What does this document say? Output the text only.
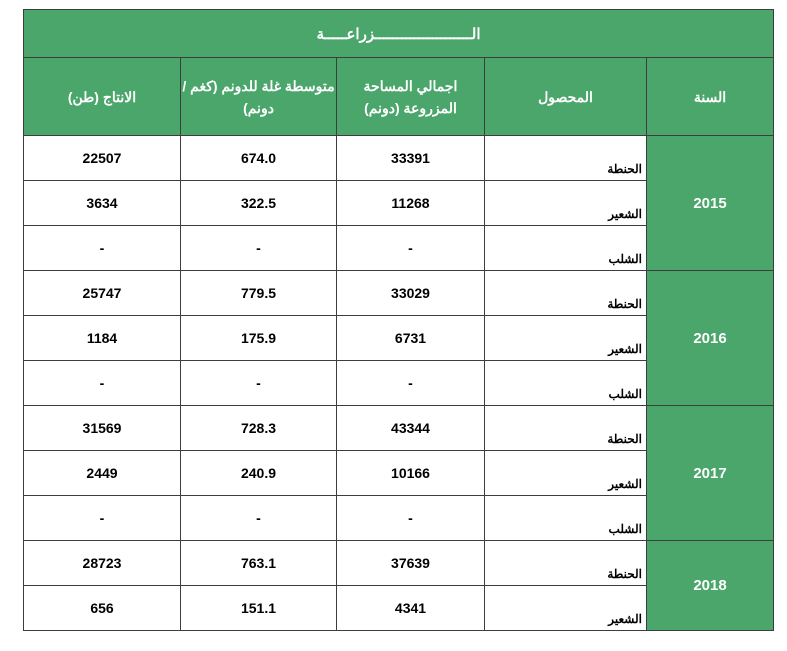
الــــــــــــــــــــــزراعـــــة				
السنة	المحصول	اجمالي المساحة المزروعة (دونم)	متوسطة غلة للدونم (كغم /دونم)	الانتاج (طن)
2015	الحنطة	33391	674.0	22507
	الشعير	11268	322.5	3634
	الشلب	-	-	-
2016	الحنطة	33029	779.5	25747
	الشعير	6731	175.9	1184
	الشلب	-	-	-
2017	الحنطة	43344	728.3	31569
	الشعير	10166	240.9	2449
	الشلب	-	-	-
2018	الحنطة	37639	763.1	28723
	الشعير	4341	151.1	656
